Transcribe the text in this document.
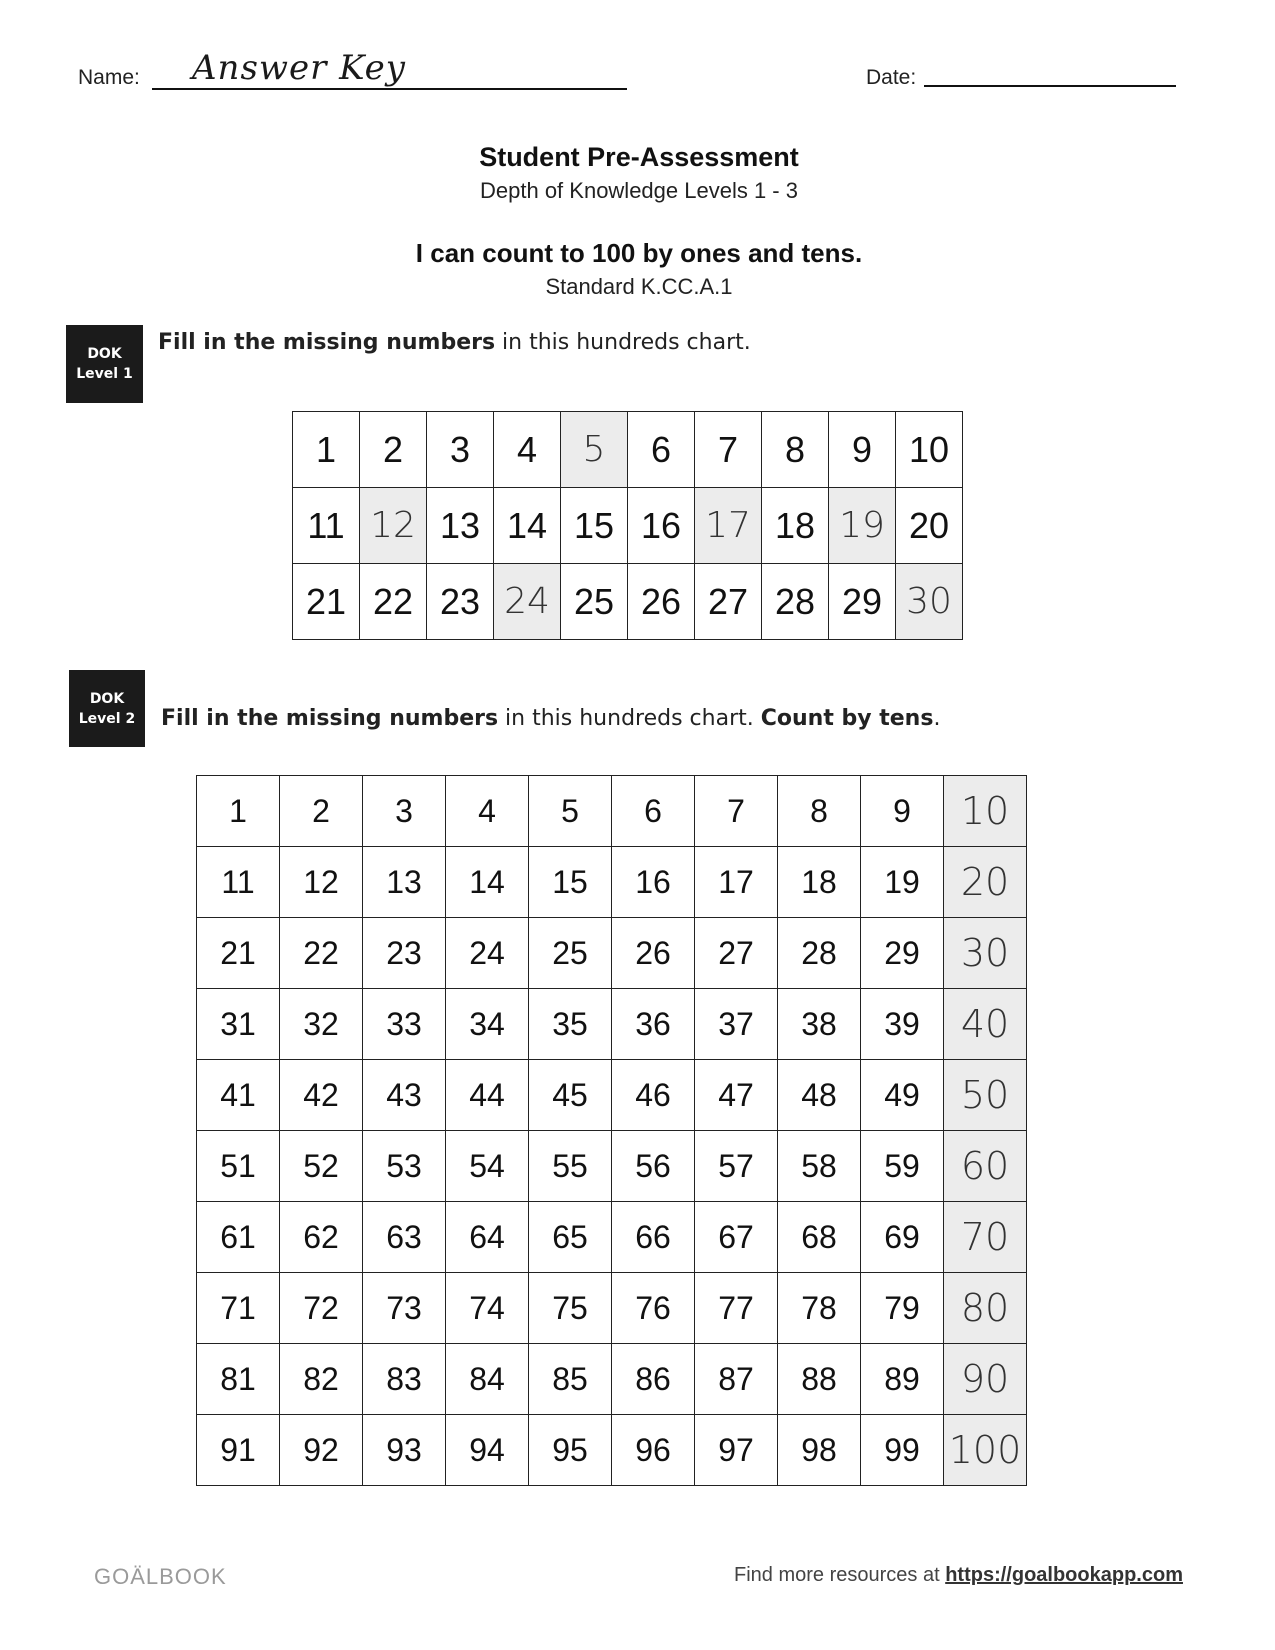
Name: Answer Key	Date:
Student Pre-Assessment
Depth of Knowledge Levels 1 - 3
I can count to 100 by ones and tens.
Standard K.CC.A.1
DOK
Level 1
Fill in the missing numbers in this hundreds chart.
1	2	3	4	5	6	7	8	9	10
11	12	13	14	15	16	17	18	19	20
21	22	23	24	25	26	27	28	29	30
DOK
Level 2 Fill in the missing numbers in this hundreds chart. Count by tens.
1	2	3	4	5	6	7	8	9	10
11	12	13	14	15	16	17	18	19	20
21	22	23	24	25	26	27	28	29	30
31	32	33	34	35	36	37	38	39	40
41	42	43	44	45	46	47	48	49	50
51	52	53	54	55	56	57	58	59	60
61	62	63	64	65	66	67	68	69	70
71	72	73	74	75	76	77	78	79	80
81	82	83	84	85	86	87	88	89	90
91	92	93	94	95	96	97	98	99	100
GOÄLBOOK	Find more resources at https://goalbookapp.com
